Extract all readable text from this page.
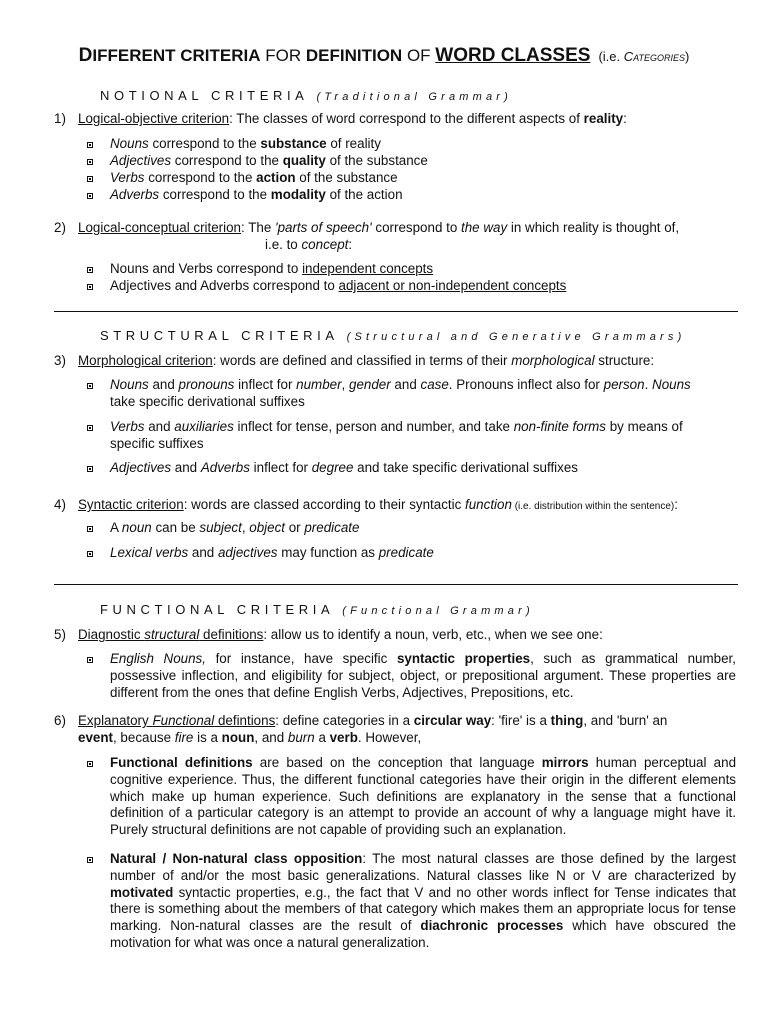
DIFFERENT CRITERIA FOR DEFINITION OF WORD CLASSES (i.e. Categories)
NOTIONAL CRITERIA (Traditional Grammar)
1) Logical-objective criterion: The classes of word correspond to the different aspects of reality:
Nouns correspond to the substance of reality
Adjectives correspond to the quality of the substance
Verbs correspond to the action of the substance
Adverbs correspond to the modality of the action
2) Logical-conceptual criterion: The 'parts of speech' correspond to the way in which reality is thought of,
i.e. to concept:
Nouns and Verbs correspond to independent concepts
Adjectives and Adverbs correspond to adjacent or non-independent concepts
STRUCTURAL CRITERIA (Structural and Generative Grammars)
3) Morphological criterion: words are defined and classified in terms of their morphological structure:
Nouns and pronouns inflect for number, gender and case. Pronouns inflect also for person. Nouns
take specific derivational suffixes
Verbs and auxiliaries inflect for tense, person and number, and take non-finite forms by means of
specific suffixes
Adjectives and Adverbs inflect for degree and take specific derivational suffixes
4) Syntactic criterion: words are classed according to their syntactic function (i.e. distribution within the sentence):
A noun can be subject, object or predicate
Lexical verbs and adjectives may function as predicate
FUNCTIONAL CRITERIA (Functional Grammar)
5) Diagnostic structural definitions: allow us to identify a noun, verb, etc., when we see one:
English Nouns, for instance, have specific syntactic properties, such as grammatical number, possessive inflection, and eligibility for subject, object, or prepositional argument. These properties are different from the ones that define English Verbs, Adjectives, Prepositions, etc.
6) Explanatory Functional defintions: define categories in a circular way: 'fire' is a thing, and 'burn' an
event, because fire is a noun, and burn a verb. However,
Functional definitions are based on the conception that language mirrors human perceptual and cognitive experience. Thus, the different functional categories have their origin in the different elements which make up human experience. Such definitions are explanatory in the sense that a functional definition of a particular category is an attempt to provide an account of why a language might have it. Purely structural definitions are not capable of providing such an explanation.
Natural / Non-natural class opposition: The most natural classes are those defined by the largest number of and/or the most basic generalizations. Natural classes like N or V are characterized by motivated syntactic properties, e.g., the fact that V and no other words inflect for Tense indicates that there is something about the members of that category which makes them an appropriate locus for tense marking. Non-natural classes are the result of diachronic processes which have obscured the motivation for what was once a natural generalization.
